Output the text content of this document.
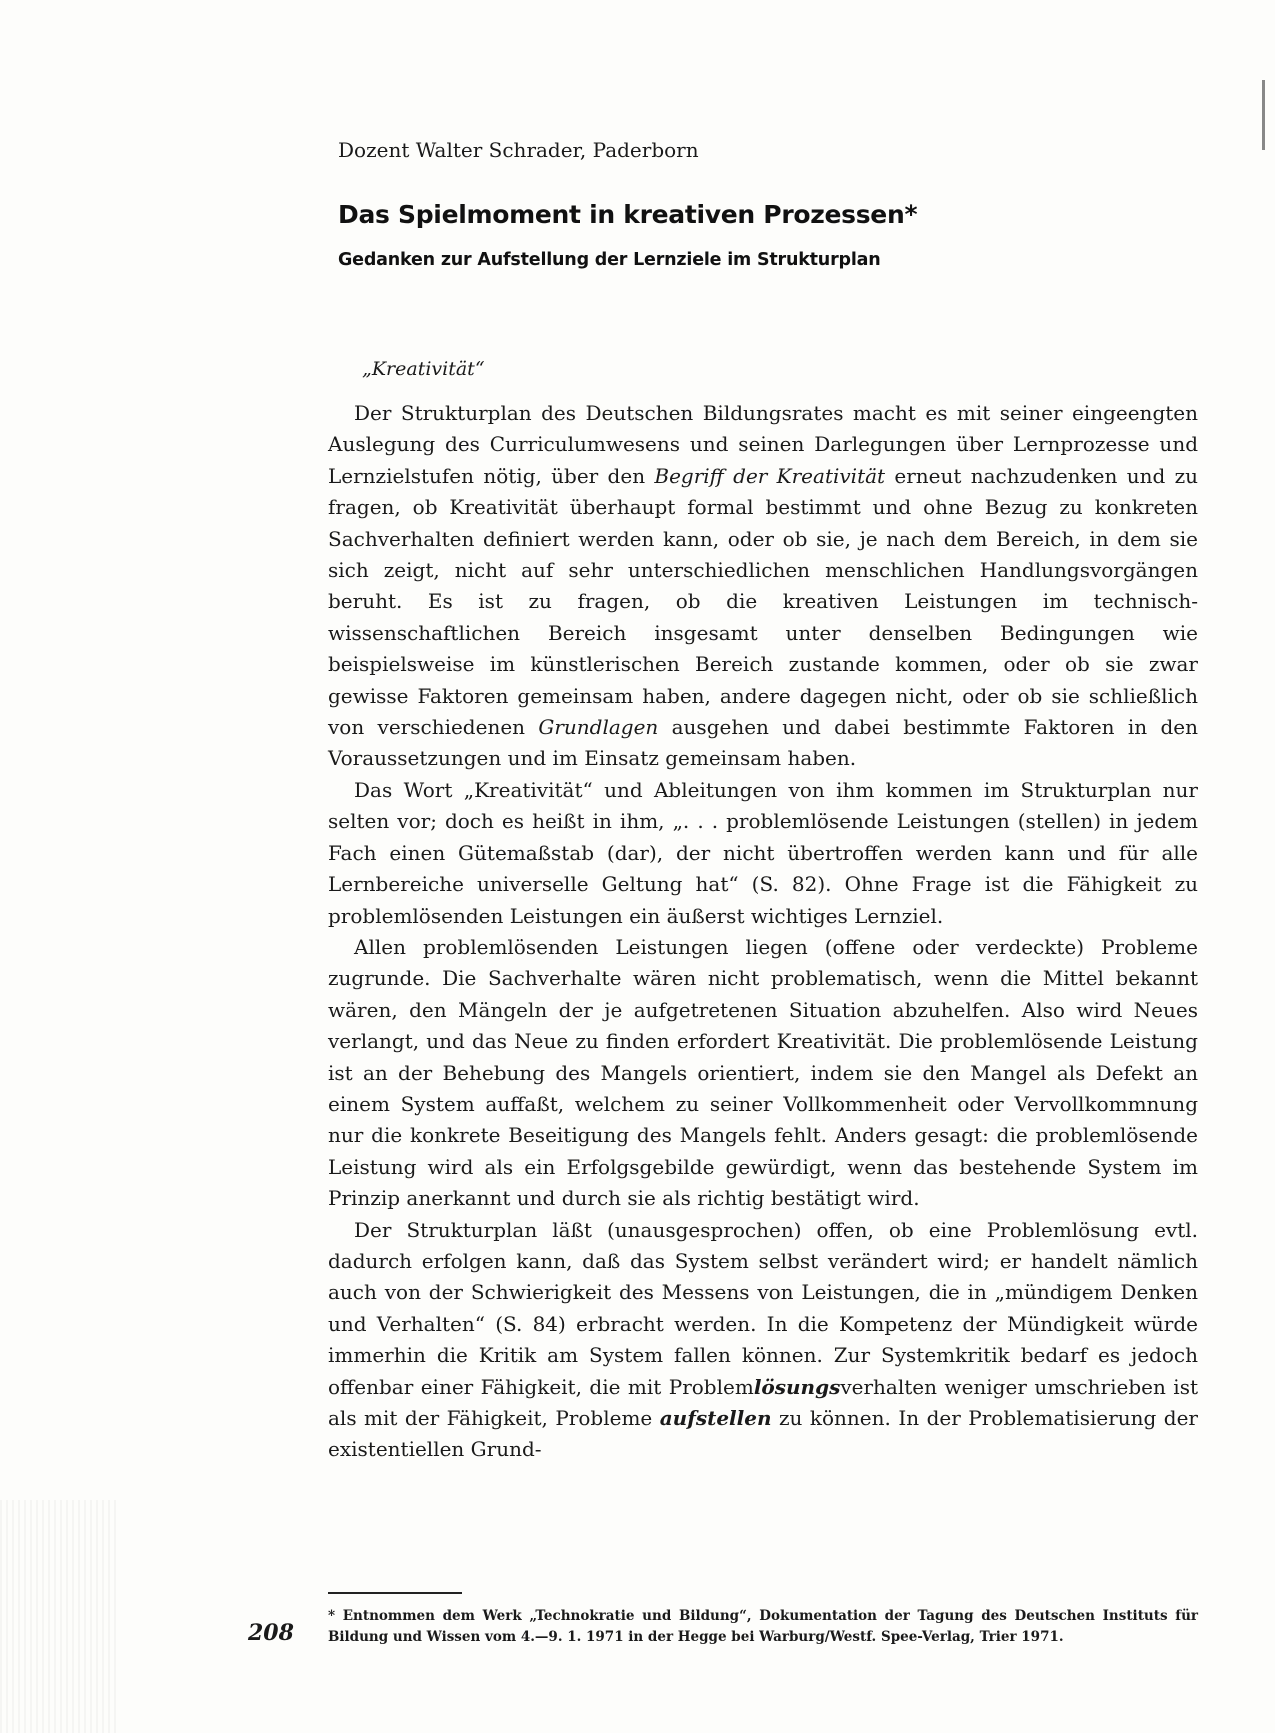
Dozent Walter Schrader, Paderborn
Das Spielmoment in kreativen Prozessen*
Gedanken zur Aufstellung der Lernziele im Strukturplan
„Kreativität“

Der Strukturplan des Deutschen Bildungsrates macht es mit seiner eingeengten Auslegung des Curriculumwesens und seinen Darlegungen über Lernprozesse und Lernzielstufen nötig, über den Begriff der Kreativität erneut nachzudenken und zu fragen, ob Kreativität überhaupt formal bestimmt und ohne Bezug zu konkreten Sachverhalten definiert werden kann, oder ob sie, je nach dem Bereich, in dem sie sich zeigt, nicht auf sehr unterschiedlichen menschlichen Handlungsvorgängen beruht. Es ist zu fragen, ob die kreativen Leistungen im technisch-wissenschaftlichen Bereich insgesamt unter denselben Bedingungen wie beispielsweise im künstlerischen Bereich zustande kommen, oder ob sie zwar gewisse Faktoren gemeinsam haben, andere dagegen nicht, oder ob sie schließlich von verschiedenen Grundlagen ausgehen und dabei bestimmte Faktoren in den Voraussetzungen und im Einsatz gemeinsam haben.

Das Wort „Kreativität“ und Ableitungen von ihm kommen im Strukturplan nur selten vor; doch es heißt in ihm, „. . . problemlösende Leistungen (stellen) in jedem Fach einen Gütemaßstab (dar), der nicht übertroffen werden kann und für alle Lernbereiche universelle Geltung hat“ (S. 82). Ohne Frage ist die Fähigkeit zu problemlösenden Leistungen ein äußerst wichtiges Lernziel.

Allen problemlösenden Leistungen liegen (offene oder verdeckte) Probleme zugrunde. Die Sachverhalte wären nicht problematisch, wenn die Mittel bekannt wären, den Mängeln der je aufgetretenen Situation abzuhelfen. Also wird Neues verlangt, und das Neue zu finden erfordert Kreativität. Die problemlösende Leistung ist an der Behebung des Mangels orientiert, indem sie den Mangel als Defekt an einem System auffaßt, welchem zu seiner Vollkommenheit oder Vervollkommnung nur die konkrete Beseitigung des Mangels fehlt. Anders gesagt: die problemlösende Leistung wird als ein Erfolgsgebilde gewürdigt, wenn das bestehende System im Prinzip anerkannt und durch sie als richtig bestätigt wird.

Der Strukturplan läßt (unausgesprochen) offen, ob eine Problemlösung evtl. dadurch erfolgen kann, daß das System selbst verändert wird; er handelt nämlich auch von der Schwierigkeit des Messens von Leistungen, die in „mündigem Denken und Verhalten“ (S. 84) erbracht werden. In die Kompetenz der Mündigkeit würde immerhin die Kritik am System fallen können. Zur Systemkritik bedarf es jedoch offenbar einer Fähigkeit, die mit Problemlösungsverhalten weniger umschrieben ist als mit der Fähigkeit, Probleme aufstellen zu können. In der Problematisierung der existentiellen Grund-

* Entnommen dem Werk „Technokratie und Bildung“, Dokumentation der Tagung des Deutschen Instituts für Bildung und Wissen vom 4.—9. 1. 1971 in der Hegge bei Warburg/Westf. Spee-Verlag, Trier 1971.
208
